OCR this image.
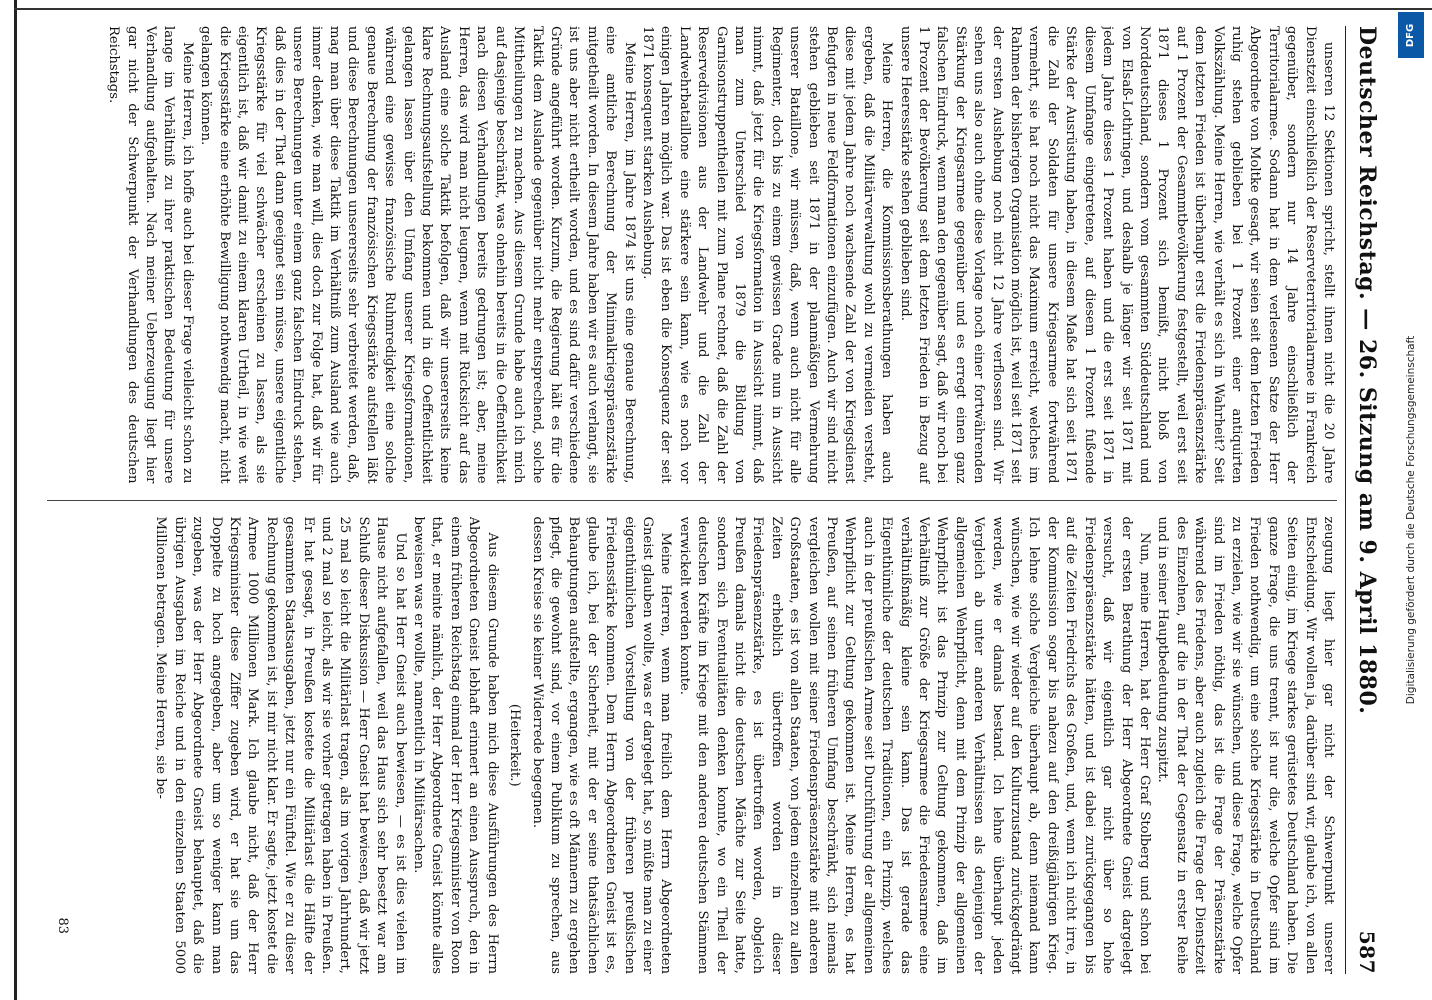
Deutscher Reichstag. — 26. Sitzung am 9. April 1880.
587

unseren 12 Sektionen spricht, stellt ihnen nicht die 20 Jahre Dienstzeit einschließlich der Reserveterritorialarmee in Frankreich gegenüber, sondern nur 14 Jahre einschließlich der Territorialarmee. Sodann hat in dem verlesenen Satze der Herr Abgeordnete von Moltke gesagt, wir seien seit dem letzten Frieden ruhig stehen geblieben bei 1 Prozent einer antiquirten Volkszählung. Meine Herren, wie verhält es sich in Wahrheit? Seit dem letzten Frieden ist überhaupt erst die Friedenspräsenzstärke auf 1 Prozent der Gesammtbevölkerung festgestellt, weil erst seit 1871 dieses 1 Prozent sich bemißt, nicht bloß von Norddeutschland, sondern vom gesammten Süddeutschland und von Elsaß-Lothringen, und deshalb je länger wir seit 1871 mit jedem Jahre dieses 1 Prozent haben und die erst seit 1871 in diesem Umfange eingetretene, auf diesem 1 Prozent fußende Stärke der Ausrüstung haben, in diesem Maße hat sich seit 1871 die Zahl der Soldaten für unsere Kriegsarmee fortwährend vermehrt, sie hat noch nicht das Maximum erreicht, welches im Rahmen der bisherigen Organisation möglich ist, weil seit 1871 seit der ersten Aushebung noch nicht 12 Jahre verflossen sind. Wir sehen uns also auch ohne diese Vorlage noch einer fortwährenden Stärkung der Kriegsarmee gegenüber und es erregt einen ganz falschen Eindruck, wenn man den gegenüber sagt, daß wir noch bei 1 Prozent der Bevölkerung seit dem letzten Frieden in Bezug auf unsere Heeresstärke stehen geblieben sind.

Meine Herren, die Kommissionsberathungen haben auch ergeben, daß die Militärverwaltung wohl zu vermeiden versteht, diese mit jedem Jahre noch wachsende Zahl der von Kriegsdienst Befugten in neue Feldformationen einzufügen. Auch wir sind nicht stehen geblieben seit 1871 in der planmäßigen Vermehrung unserer Bataillone, wir müssen, daß, wenn auch nicht für alle Regimenter, doch bis zu einem gewissen Grade nun in Aussicht nimmt, daß jetzt für die Kriegsformation in Aussicht nimmt, daß man zum Unterschied von 1879 die Bildung von Garnisonstruppentheilen mit zum Plane rechnet, daß die Zahl der Reservedivisionen aus der Landwehr und die Zahl der Landwehrbataillone eine stärkere sein kann, wie es noch vor einigen Jahren möglich war. Das ist eben die Konsequenz der seit 1871 konsequent starken Aushebung.

Meine Herren, im Jahre 1874 ist uns eine genaue Berechnung, eine amtliche Berechnung der Minimalkriegspräsenzstärke mitgetheilt worden. In diesem Jahre haben wir es auch verlangt, sie ist uns aber nicht ertheilt worden, und es sind dafür verschiedene Gründe angeführt worden. Kurzum, die Regierung hält es für die Taktik dem Auslande gegenüber nicht mehr entsprechend, solche Mittheilungen zu machen. Aus diesem Grunde habe auch ich mich auf dasjenige beschränkt, was ohnehin bereits in die Oeffentlichkeit nach diesen Verhandlungen bereits gedrungen ist; aber, meine Herren, das wird man nicht leugnen, wenn mit Rücksicht auf das Ausland eine solche Taktik befolgen, daß wir unsererseits keine klare Rechnungsaufstellung bekommen und in die Oeffentlichkeit gelangen lassen über den Umfang unserer Kriegsformationen, während eine gewisse französische Ruhmredigkeit eine solche genaue Berechnung der französischen Kriegsstärke aufstellen läßt und diese Berechnungen unsererseits sehr verbreitet werden, daß, mag man über diese Taktik im Verhältniß zum Ausland wie auch immer denken, wie man will, dies doch zur Folge hat, daß wir für unsere Berechnungen unter einem ganz falschen Eindruck stehen, daß dies in der That dann geeignet sein müsse, unsere eigentliche Kriegsstärke für viel schwächer erscheinen zu lassen, als sie eigentlich ist, daß wir damit zu einem klaren Urtheil, in wie weit die Kriegsstärke eine erhöhte Bewilligung nothwendig macht, nicht gelangen können.

Meine Herren, ich hoffe auch bei dieser Frage vielleicht schon zu lange im Verhältniß zu ihrer praktischen Bedeutung für unsere Verhandlung aufgehalten. Nach meiner Ueberzeugung liegt hier gar nicht der Schwerpunkt der Verhandlungen des deutschen Reichstags.

zeugung liegt hier gar nicht der Schwerpunkt unserer Entscheidung. Wir wollen ja, darüber sind wir, glaube ich, von allen Seiten einig, im Kriege starkes gerüstetes Deutschland haben. Die ganze Frage, die uns trennt, ist nur die, welche Opfer sind im Frieden nothwendig, um eine solche Kriegsstärke in Deutschland zu erzielen, wie wir sie wünschen, und diese Frage, welche Opfer sind im Frieden nöthig, das ist die Frage der Präsenzstärke während des Friedens, aber auch zugleich die Frage der Dienstzeit des Einzelnen, auf die in der That der Gegensatz in erster Reihe und in seiner Hauptbedeutung zuspitzt.

Nun, meine Herren, hat der Herr Graf Stolberg und schon bei der ersten Berathung der Herr Abgeordnete Gneist dargelegt versucht, daß wir eigentlich gar nicht über so hohe Friedenspräsenzstärke hätten, und ist dabei zurückgegangen bis auf die Zeiten Friedrichs des Großen, und, wenn ich nicht irre, in der Kommission sogar bis nahezu auf den dreißigjährigen Krieg. Ich lehne solche Vergleiche überhaupt ab, denn niemand kann wünschen, wie wir wieder auf den Kulturzustand zurückgedrängt werden, wie er damals bestand. Ich lehne überhaupt jeden Vergleich ab unter anderen Verhältnissen als denjenigen der allgemeinen Wehrpflicht, denn mit dem Prinzip der allgemeinen Wehrpflicht ist das Prinzip zur Geltung gekommen, daß im Verhältniß zur Größe der Kriegsarmee die Friedensarmee eine verhältnißmäßig kleine sein kann. Das ist gerade das Eigenthümliche der deutschen Traditionen, ein Prinzip, welches auch in der preußischen Armee seit Durchführung der allgemeinen Wehrpflicht zur Geltung gekommen ist. Meine Herren, es hat Preußen, auf seinen früheren Umfang beschränkt, sich niemals vergleichen wollen mit seiner Friedenspräsenzstärke mit anderen Großstaaten, es ist von allen Staaten, von jedem einzelnen zu allen Zeiten erheblich übertroffen worden in dieser Friedenspräsenzstärke, es ist übertroffen worden, obgleich Preußen damals nicht die deutschen Mächte zur Seite hatte, sondern sich Eventualitäten denken konnte, wo ein Theil der deutschen Kräfte im Kriege mit den anderen deutschen Stämmen verwickelt werden konnte.

Meine Herren, wenn man freilich dem Herrn Abgeordneten Gneist glauben wollte, was er dargelegt hat, so müßte man zu einer eigenthümlichen Vorstellung von der früheren preußischen Friedensstärke kommen. Dem Herrn Abgeordneten Gneist ist es, glaube ich, bei der Sicherheit, mit der er seine thatsächlichen Behauptungen aufstellte, ergangen, wie es oft Männern zu ergehen pflegt, die gewohnt sind, vor einem Publikum zu sprechen, aus dessen Kreise sie keiner Widerrede begegnen.

(Heiterkeit.)

Aus diesem Grunde haben mich diese Ausführungen des Herrn Abgeordneten Gneist lebhaft erinnert an einen Ausspruch, den in einem früheren Reichstag einmal der Herr Kriegsminister von Roon that, er meinte nämlich, der Herr Abgeordnete Gneist könnte alles beweisen was er wollte, namentlich in Militärsachen.

Und so hat Herr Gneist auch bewiesen, — es ist dies vielen im Hause nicht aufgefallen, weil das Haus sich sehr besetzt war am Schluß dieser Diskussion — Herr Gneist hat bewiesen, daß wir jetzt 25 mal so leicht die Militärlast tragen, als im vorigen Jahrhundert, und 2 mal so leicht, als wir sie vorher getragen haben in Preußen. Er hat gesagt, in Preußen kostete die Militärlast die Hälfte der gesammten Staatsausgaben, jetzt nur ein Fünftel. Wie er zu dieser Rechnung gekommen ist, ist mir nicht klar. Er sagte, jetzt kostet die Armee 1000 Millionen Mark. Ich glaube nicht, daß der Herr Kriegsminister diese Ziffer zugeben wird, er hat sie um das Doppelte zu hoch angegeben, aber um so weniger kann man zugeben, was der Herr Abgeordnete Gneist behauptet, daß die übrigen Ausgaben im Reiche und in den einzelnen Staaten 5000 Millionen betragen. Meine Herren, sie be-

83
DFG
Digitalisierung gefördert durch die Deutsche Forschungsgemeinschaft
